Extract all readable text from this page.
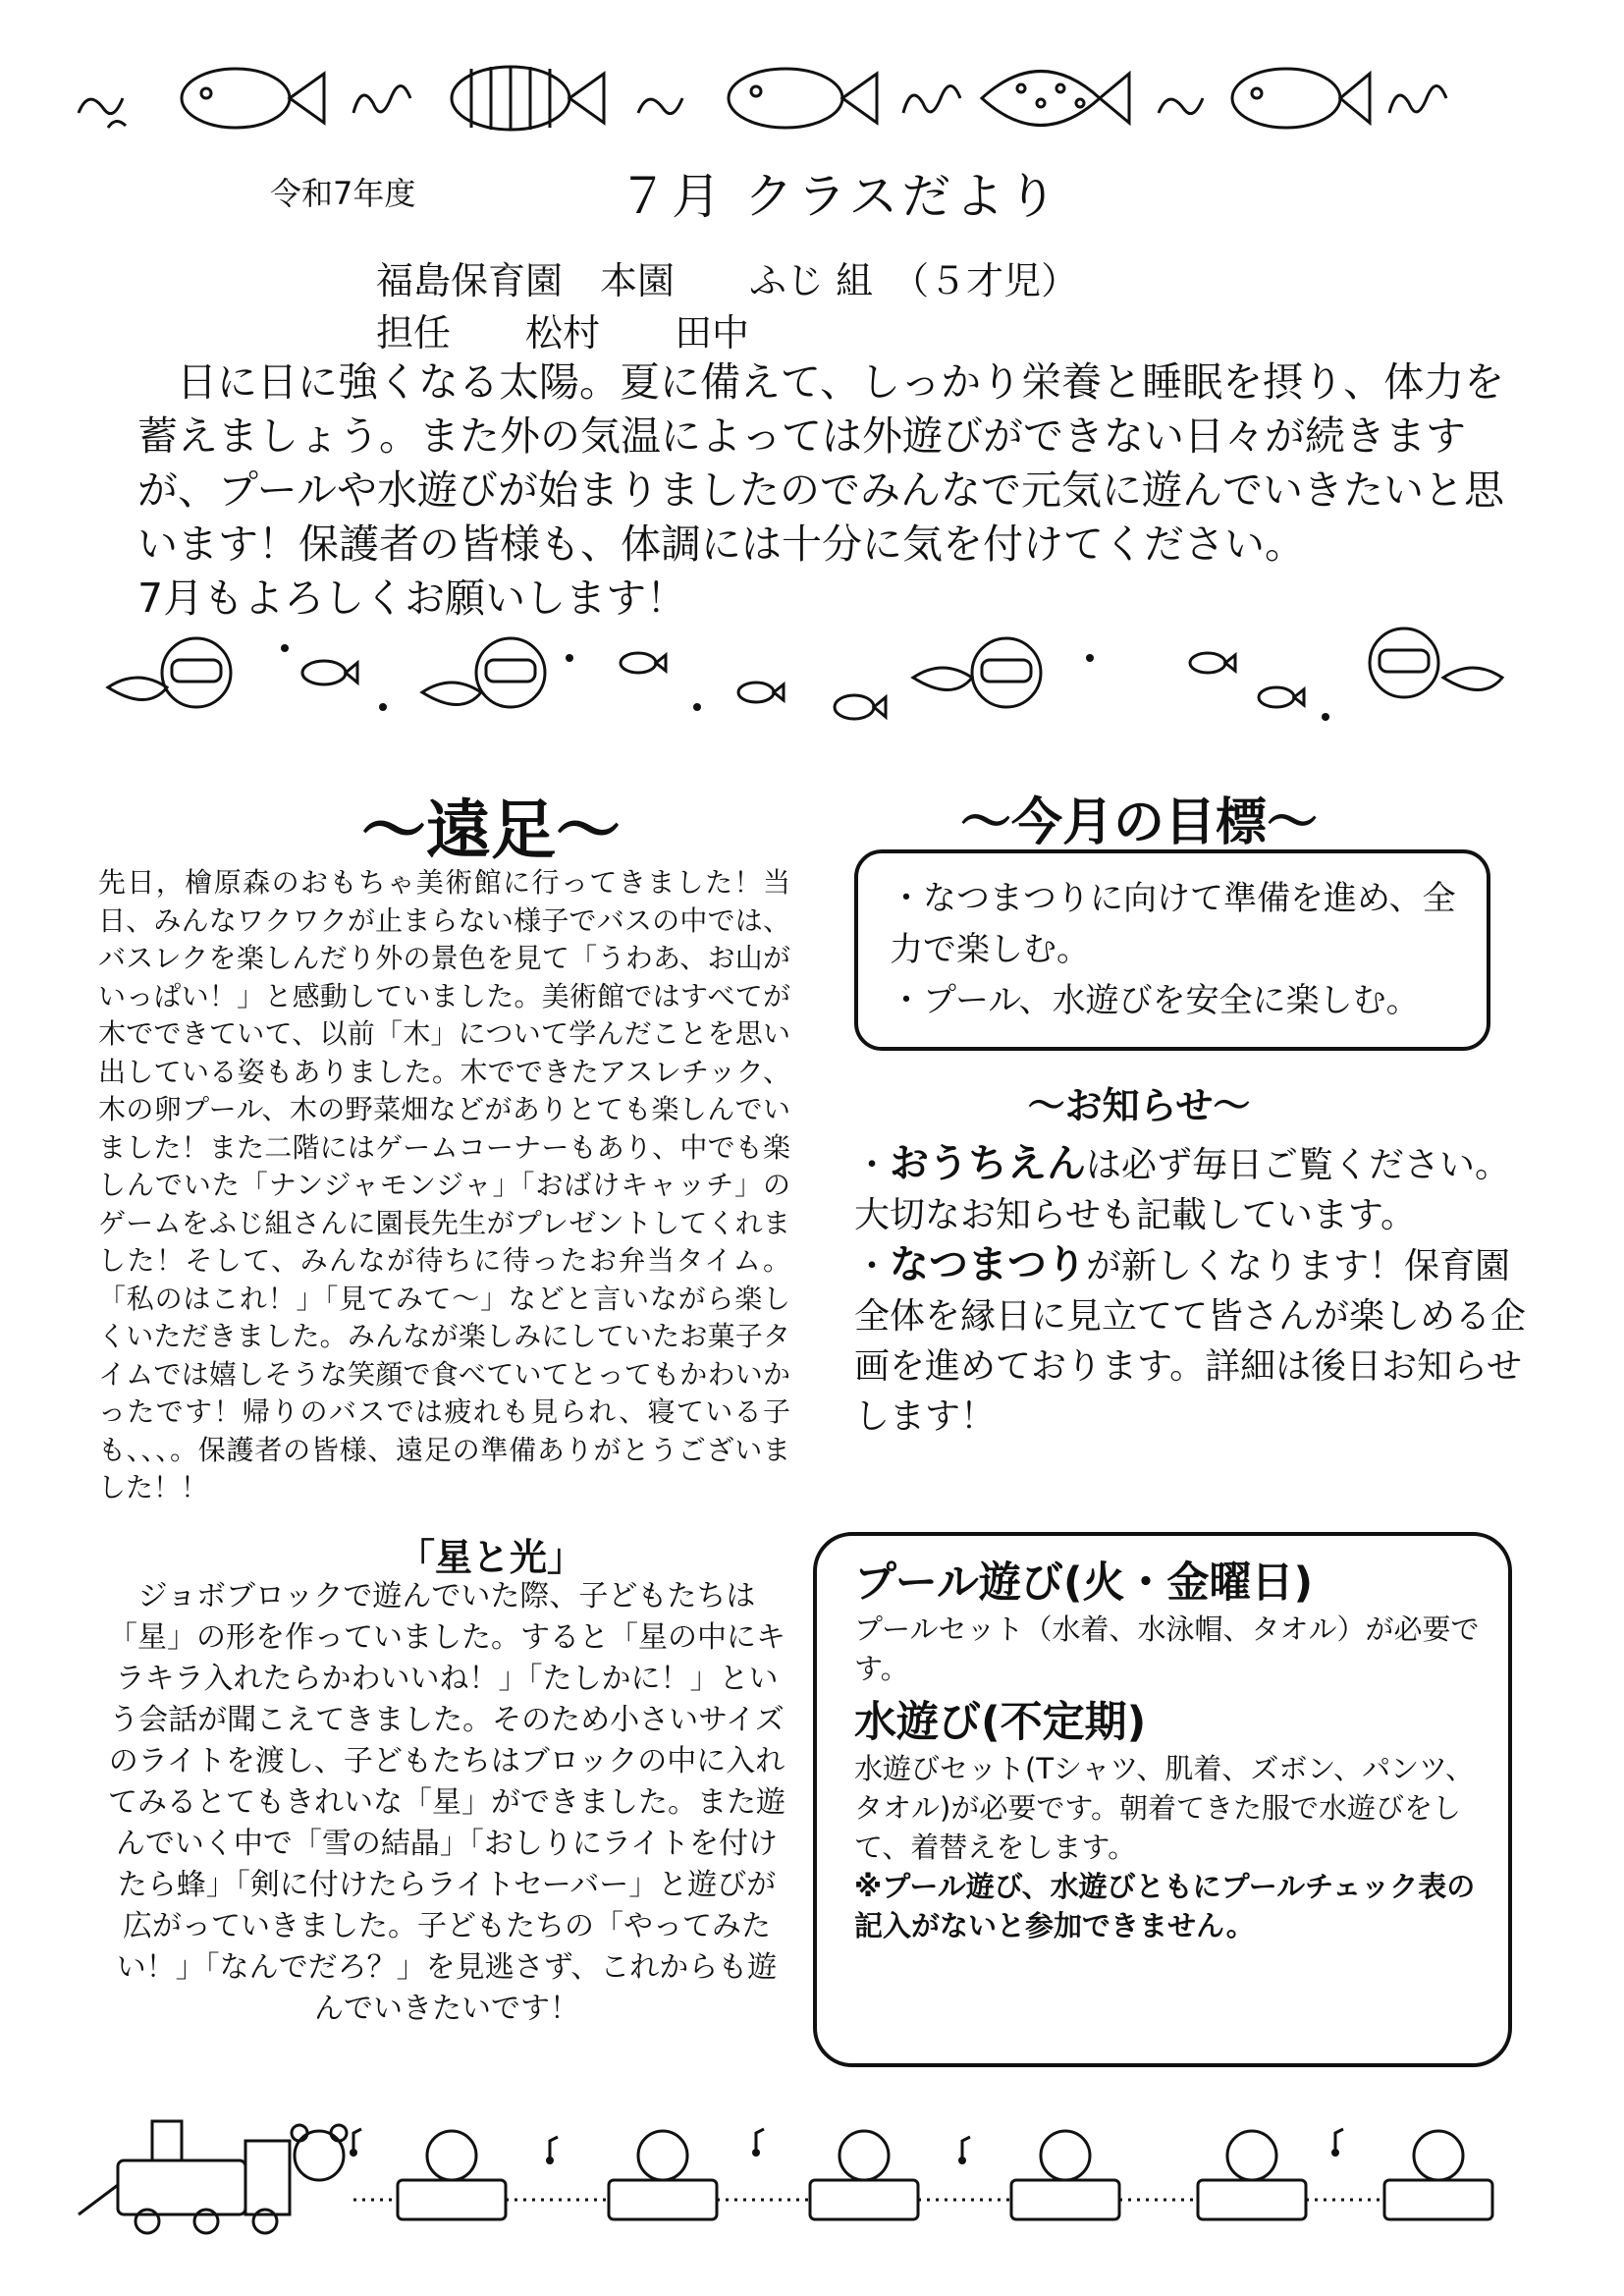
令和7年度	７月 クラスだより
福島保育園　本園　　ふじ 組　（５才児）
担任　　松村　　田中

日に日に強くなる太陽。夏に備えて、しっかり栄養と睡眠を摂り、体力を蓄えましょう。また外の気温によっては外遊びができない日々が続きますが、プールや水遊びが始まりましたのでみんなで元気に遊んでいきたいと思います！保護者の皆様も、体調には十分に気を付けてください。

7月もよろしくお願いします！

～遠足～
先日，檜原森のおもちゃ美術館に行ってきました！当日、みんなワクワクが止まらない様子でバスの中では、バスレクを楽しんだり外の景色を見て「うわあ、お山がいっぱい！」と感動していました。美術館ではすべてが木でできていて、以前「木」について学んだことを思い出している姿もありました。木でできたアスレチック、木の卵プール、木の野菜畑などがありとても楽しんでいました！また二階にはゲームコーナーもあり、中でも楽しんでいた「ナンジャモンジャ」「おばけキャッチ」のゲームをふじ組さんに園長先生がプレゼントしてくれました！そして、みんなが待ちに待ったお弁当タイム。「私のはこれ！」「見てみて～」などと言いながら楽しくいただきました。みんなが楽しみにしていたお菓子タイムでは嬉しそうな笑顔で食べていてとってもかわいかったです！帰りのバスでは疲れも見られ、寝ている子も、、、。保護者の皆様、遠足の準備ありがとうございました！！
「星と光」
ジョボブロックで遊んでいた際、子どもたちは「星」の形を作っていました。すると「星の中にキラキラ入れたらかわいいね！」「たしかに！」という会話が聞こえてきました。そのため小さいサイズのライトを渡し、子どもたちはブロックの中に入れてみるとてもきれいな「星」ができました。また遊んでいく中で「雪の結晶」「おしりにライトを付けたら蜂」「剣に付けたらライトセーバー」と遊びが広がっていきました。子どもたちの「やってみたい！」「なんでだろ？」を見逃さず、これからも遊んでいきたいです！
～今月の目標～
・なつまつりに向けて準備を進め、全力で楽しむ。
・プール、水遊びを安全に楽しむ。
～お知らせ～

・おうちえんは必ず毎日ご覧ください。大切なお知らせも記載しています。

・なつまつりが新しくなります！保育園全体を縁日に見立てて皆さんが楽しめる企画を進めております。詳細は後日お知らせします！

プール遊び(火・金曜日)
プールセット（水着、水泳帽、タオル）が必要です。
水遊び(不定期)
水遊びセット(Tシャツ、肌着、ズボン、パンツ、タオル)が必要です。朝着てきた服で水遊びをして、着替えをします。
※プール遊び、水遊びともにプールチェック表の記入がないと参加できません。
